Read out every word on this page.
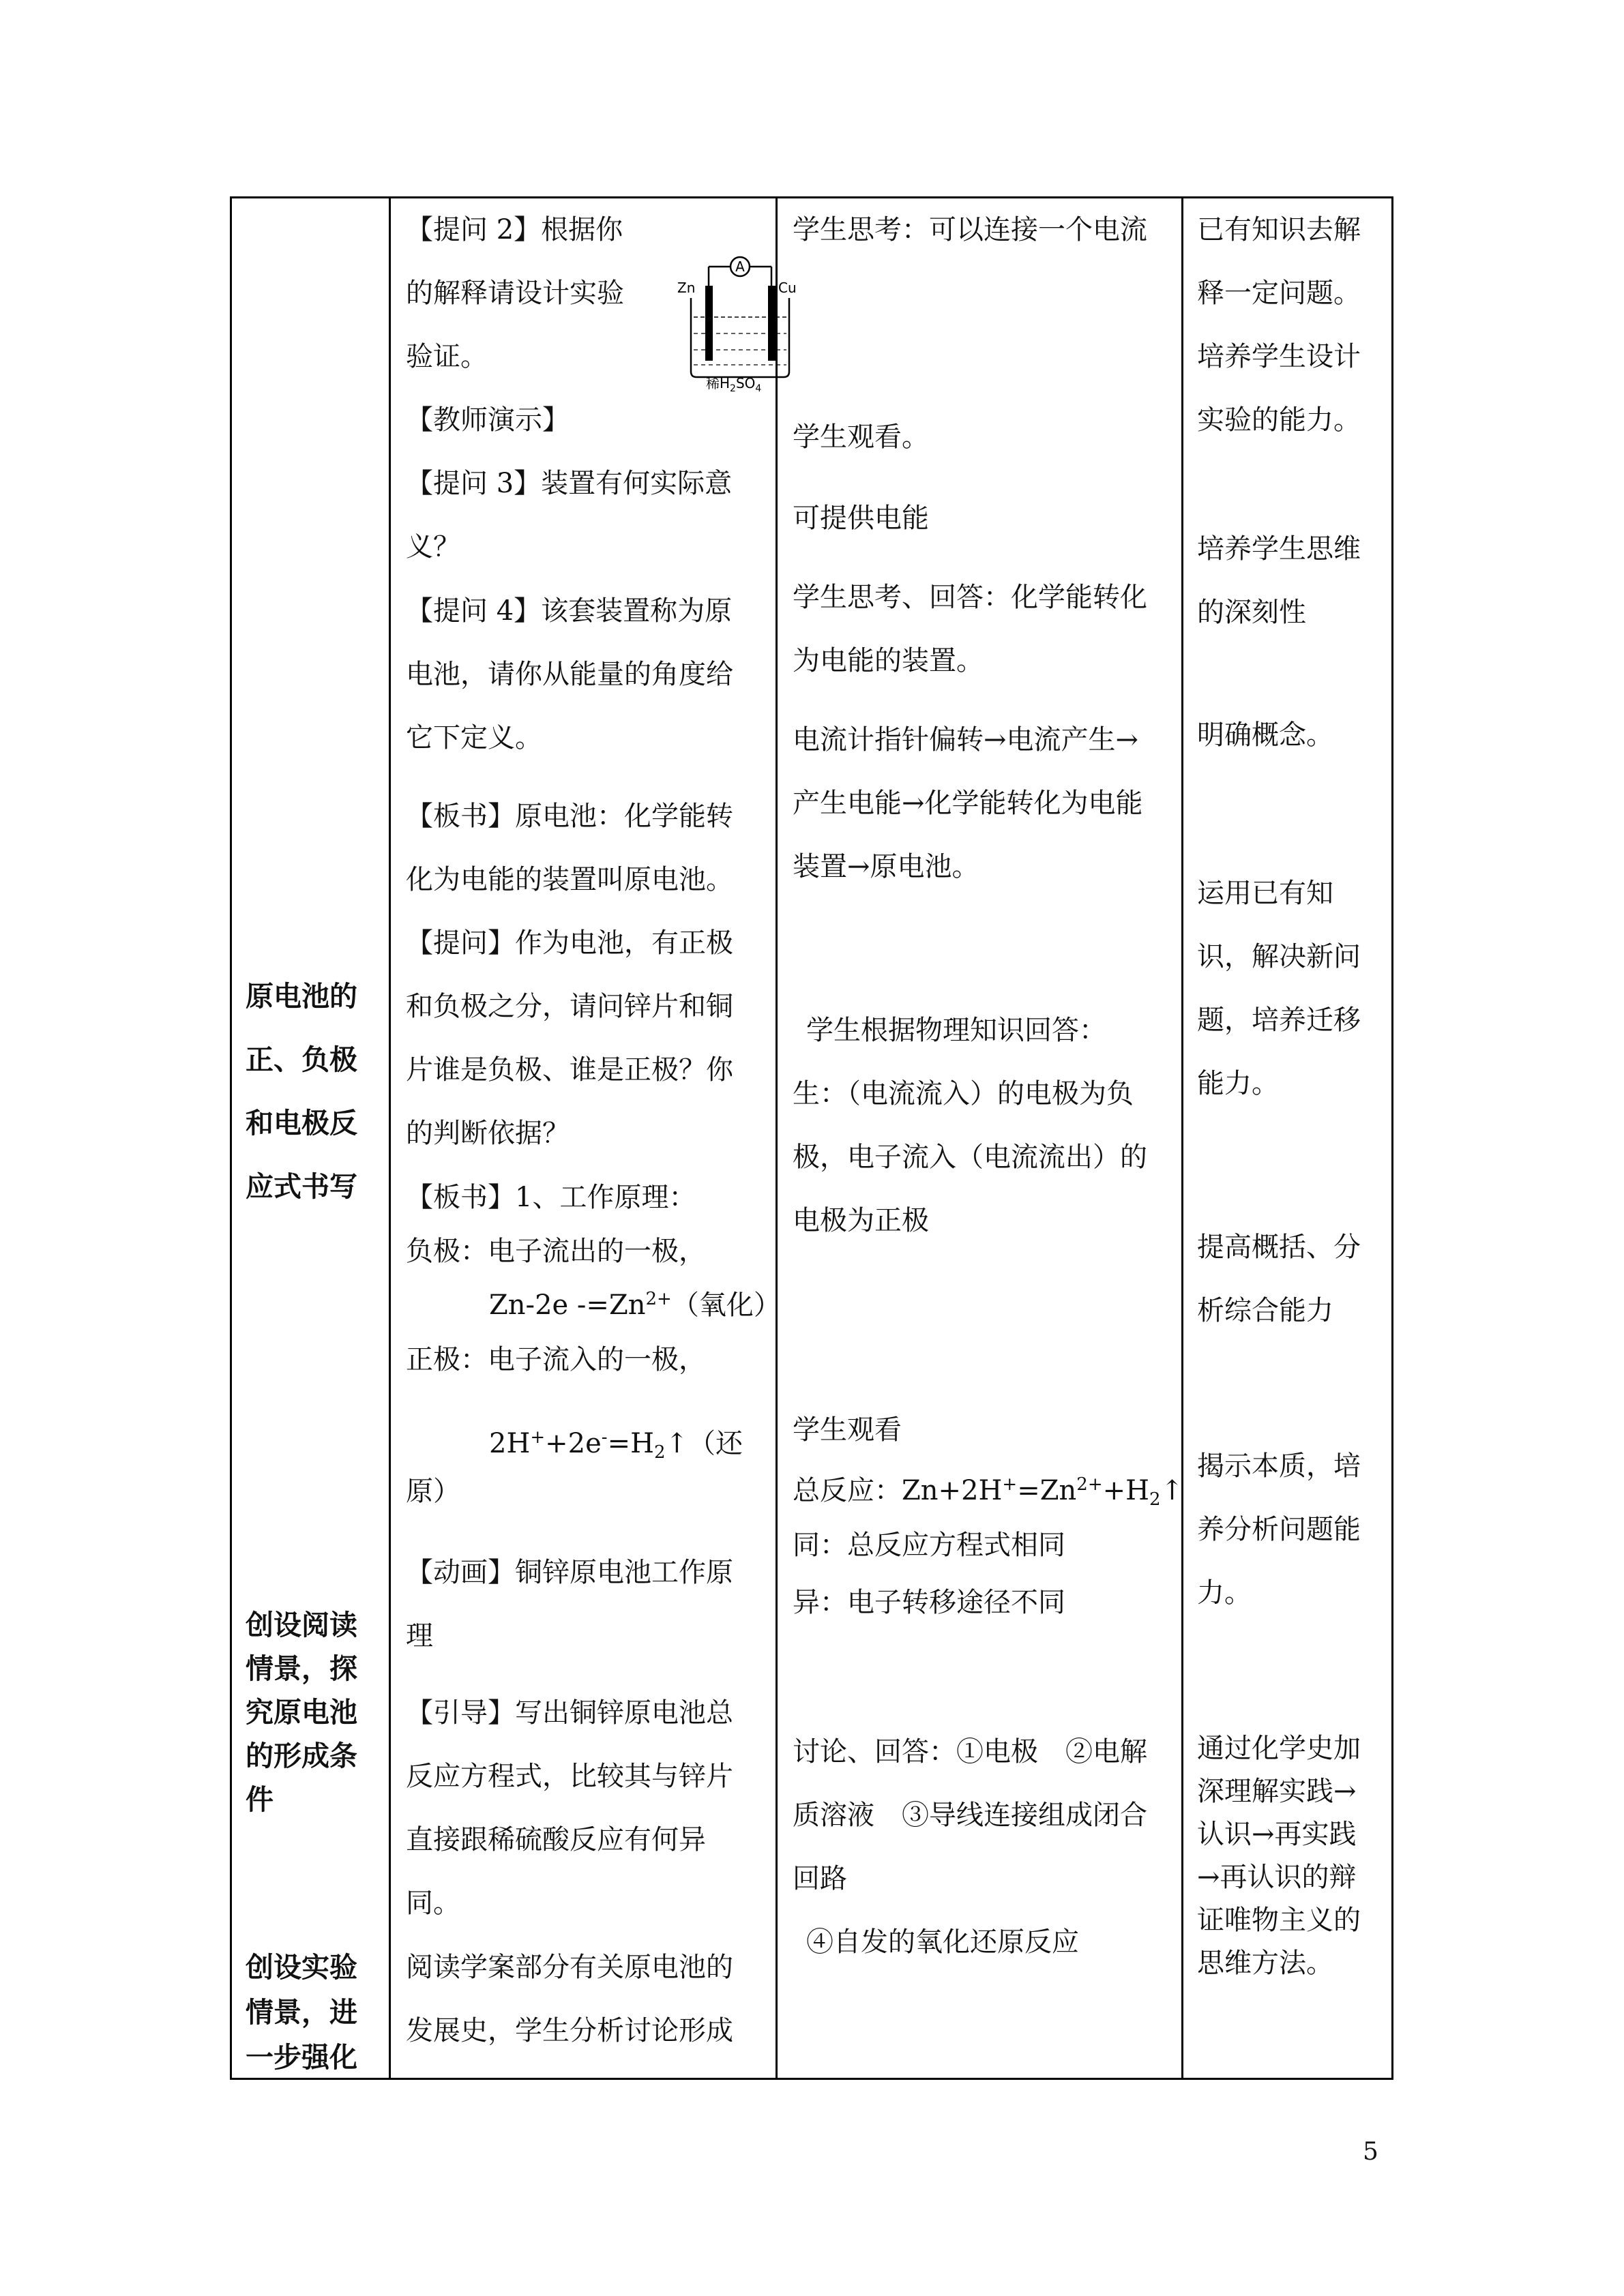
原电池的
正、负极
和电极反
应式书写
创设阅读
情景，探
究原电池
的形成条
件
创设实验
情景，进
一步强化
【提问 2】根据你
的解释请设计实验
验证。
A
Zn	Cu
稀$H_2SO_4$
【教师演示】
【提问 3】装置有何实际意
义？
【提问 4】该套装置称为原
电池，请你从能量的角度给
它下定义。
【板书】原电池：化学能转
化为电能的装置叫原电池。
【提问】作为电池，有正极
和负极之分，请问锌片和铜
片谁是负极、谁是正极？你
的判断依据？
【板书】1、工作原理：
负极：电子流出的一极，
Zn-2e $-=Zn^{2+}$（氧化）
正极：电子流入的一极，
$2H^++2e^-=H_2↑$（还
原）
【动画】铜锌原电池工作原
理
【引导】写出铜锌原电池总
反应方程式，比较其与锌片
直接跟稀硫酸反应有何异
同。
阅读学案部分有关原电池的
发展史，学生分析讨论形成
学生思考：可以连接一个电流
学生观看。
可提供电能
学生思考、回答：化学能转化
为电能的装置。
电流计指针偏转→电流产生→
产生电能→化学能转化为电能
装置→原电池。
学生根据物理知识回答：
生：（电流流入）的电极为负
极，电子流入（电流流出）的
电极为正极
学生观看
总反应：$Zn+2H^+=Zn^{2+}+H_2↑$
同：总反应方程式相同
异：电子转移途径不同
讨论、回答：①电极　②电解
质溶液　③导线连接组成闭合
回路
④自发的氧化还原反应
已有知识去解
释一定问题。
培养学生设计
实验的能力。
培养学生思维
的深刻性
明确概念。
运用已有知
识，解决新问
题，培养迁移
能力。
提高概括、分
析综合能力
揭示本质，培
养分析问题能
力。
通过化学史加
深理解实践→
认识→再实践
→再认识的辩
证唯物主义的
思维方法。
5
